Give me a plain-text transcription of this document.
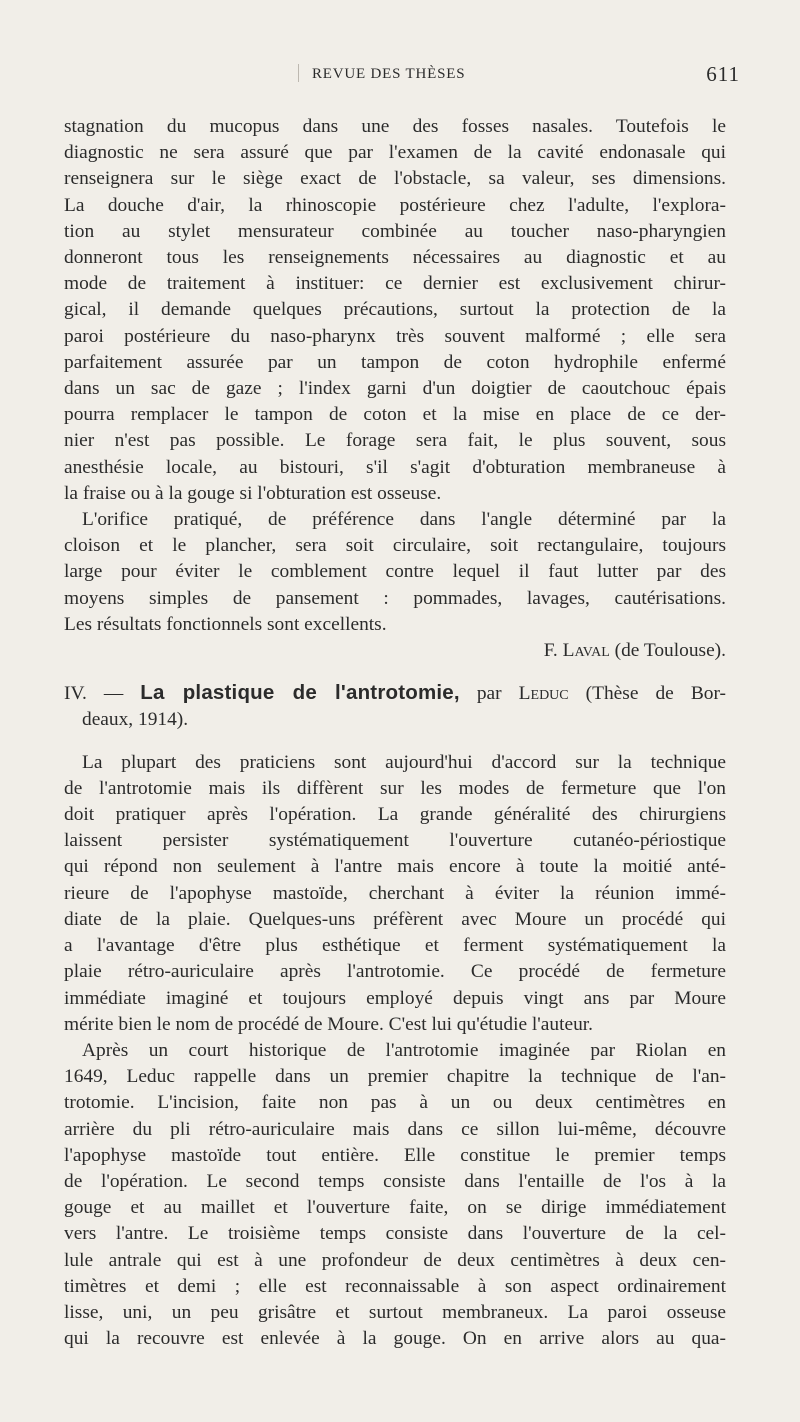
REVUE DES THÈSES	611
stagnation du mucopus dans une des fosses nasales. Toutefois le
diagnostic ne sera assuré que par l'examen de la cavité endonasale qui
renseignera sur le siège exact de l'obstacle, sa valeur, ses dimensions.
La douche d'air, la rhinoscopie postérieure chez l'adulte, l'explora-
tion au stylet mensurateur combinée au toucher naso-pharyngien
donneront tous les renseignements nécessaires au diagnostic et au
mode de traitement à instituer: ce dernier est exclusivement chirur-
gical, il demande quelques précautions, surtout la protection de la
paroi postérieure du naso-pharynx très souvent malformé ; elle sera
parfaitement assurée par un tampon de coton hydrophile enfermé
dans un sac de gaze ; l'index garni d'un doigtier de caoutchouc épais
pourra remplacer le tampon de coton et la mise en place de ce der-
nier n'est pas possible. Le forage sera fait, le plus souvent, sous
anesthésie locale, au bistouri, s'il s'agit d'obturation membraneuse à
la fraise ou à la gouge si l'obturation est osseuse.
L'orifice pratiqué, de préférence dans l'angle déterminé par la
cloison et le plancher, sera soit circulaire, soit rectangulaire, toujours
large pour éviter le comblement contre lequel il faut lutter par des
moyens simples de pansement : pommades, lavages, cautérisations.
Les résultats fonctionnels sont excellents.
F. Laval (de Toulouse).
IV. — La plastique de l'antrotomie, par Leduc (Thèse de Bor-
deaux, 1914).
La plupart des praticiens sont aujourd'hui d'accord sur la technique
de l'antrotomie mais ils diffèrent sur les modes de fermeture que l'on
doit pratiquer après l'opération. La grande généralité des chirurgiens
laissent persister systématiquement l'ouverture cutanéo-périostique
qui répond non seulement à l'antre mais encore à toute la moitié anté-
rieure de l'apophyse mastoïde, cherchant à éviter la réunion immé-
diate de la plaie. Quelques-uns préfèrent avec Moure un procédé qui
a l'avantage d'être plus esthétique et ferment systématiquement la
plaie rétro-auriculaire après l'antrotomie. Ce procédé de fermeture
immédiate imaginé et toujours employé depuis vingt ans par Moure
mérite bien le nom de procédé de Moure. C'est lui qu'étudie l'auteur.
Après un court historique de l'antrotomie imaginée par Riolan en
1649, Leduc rappelle dans un premier chapitre la technique de l'an-
trotomie. L'incision, faite non pas à un ou deux centimètres en
arrière du pli rétro-auriculaire mais dans ce sillon lui-même, découvre
l'apophyse mastoïde tout entière. Elle constitue le premier temps
de l'opération. Le second temps consiste dans l'entaille de l'os à la
gouge et au maillet et l'ouverture faite, on se dirige immédiatement
vers l'antre. Le troisième temps consiste dans l'ouverture de la cel-
lule antrale qui est à une profondeur de deux centimètres à deux cen-
timètres et demi ; elle est reconnaissable à son aspect ordinairement
lisse, uni, un peu grisâtre et surtout membraneux. La paroi osseuse
qui la recouvre est enlevée à la gouge. On en arrive alors au qua-
